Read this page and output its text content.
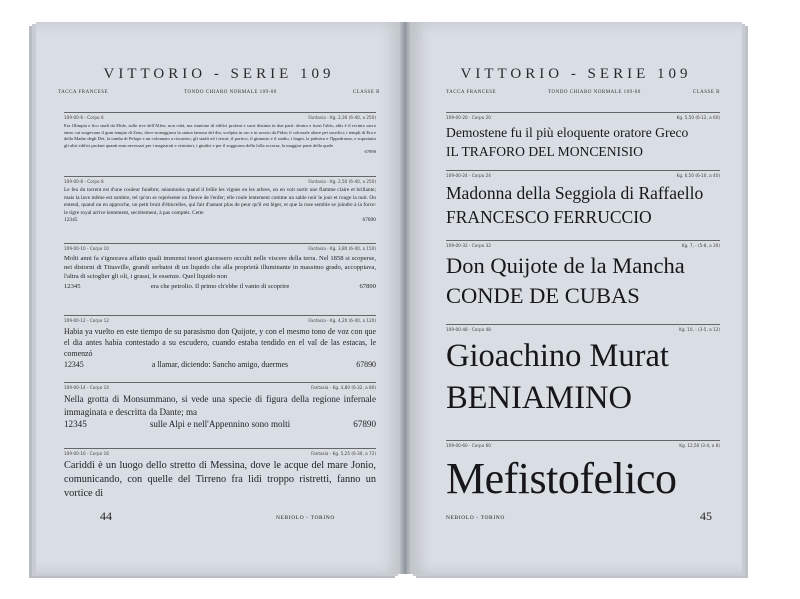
VITTORIO - SERIE 109
TACCA FRANCESE	TONDO CHIARO NORMALE 109-00	CLASSE B
109-00-6 - Corpo 6	Fantasia - Kg. 2,30 (6-40, a 250)
Era Olimpia e lico studi da Elide, sulle rive dell'Alfeo; non città, ma riunione di edifici profani e sacri distinta in due parti: dentro e fuori l'altis; altis è il recinto sacro entro cui sorgevano il gran tempio di Zeus, dove troneggiava la statua famosa del dio, scolpita in oro e in avorio da Fidia; il colossale altare pei sacrifici; i templi di Era e della Madre degli Dei, la tomba di Pelope e un colonnato a riscontro, gli stadii ed i tesori, il portico, il ginnasio e il stadio, i bagni, la palestra e l'Ippodromo, e sopratutto gli altri edifici profani quanti eran necessari per i magistrati e visitatori, i giudici e per il soggiorno della folla accorsa, la maggior parte della quale
67890
109-00-8 - Corpo 8	Fantasia - Kg. 2,50 (6-40, a 250)
Le feu du torrent est d'une couleur funèbre; néanmoins quand il brûle les vignes en les arbres, on en voit sortir une flamme claire et brillante; mais la lave même est sombre, tel qu'on se représente un fleuve de l'enfer; elle roule lentement comme un sable noir le jour et rouge la nuit. On entend, quand on en approche, un petit bruit d'étincelles, qui fait d'autant plus de peur qu'il est léger, et que la ruse semble se joindre à la force: le tigre royal arrive lentement, secrètement, à pas comptés. Cette
12345	67890
109-00-10 - Corpo 10	Fantasia - Kg. 3,80 (6-40, a 150)
Molti anni fa s'ignorava affatto quali immensi tesori giacessero occulti nelle viscere della terra. Nel 1858 si scoperse, nei distorni di Titusville, grandi serbatoi di un liquido che alla proprietà illuminante in massimo grado, accoppiava, l'altra di scioglier gli oli, i grassi, le essenze. Quel liquido non
12345	era che petrolio. Il primo ch'ebbe il vanto di scoprire	67890
109-00-12 - Corpo 12	Fantasia - Kg. 4,20 (6-40, a 120)
Habia ya vuelto en este tiempo de su parasismo don Quijote, y con el mesmo tono de voz con que el dia antes había contestado a su escudero, cuando estaba tendido en el val de las estacas, le comenzó
12345	a llamar, diciendo: Sancho amigo, duermes	67890
109-00-14 - Corpo 14	Fantasia - Kg. 4,80 (6-32, a 80)
Nella grotta di Monsummano, si vede una specie di figura della regione infernale immaginata e descritta da Dante; ma
12345	sulle Alpi e nell'Appennino sono molti	67890
109-00-16 - Corpo 16	Fantasia - Kg. 5,25 (6-30, a 72)
Cariddi è un luogo dello stretto di Messina, dove le acque del mare Jonio, comunicando, con quelle del Tirreno fra lidi troppo ristretti, fanno un vortice di
44	NEBIOLO - TORINO
VITTORIO - SERIE 109
TACCA FRANCESE	TONDO CHIARO NORMALE 109-00	CLASSE B
109-00-20 - Corpo 20	Kg. 5,50 (6-12, a 60)
Demostene fu il più eloquente oratore Greco
IL TRAFORO DEL MONCENISIO
109-00-24 - Corpo 24	Kg. 6,50 (6-10, a 40)
Madonna della Seggiola di Raffaello
FRANCESCO FERRUCCIO
109-00-32 - Corpo 32	Kg. 7, - (5-8, a 30)
Don Quijote de la Mancha
CONDE DE CUBAS
109-00-48 - Corpo 48	Kg. 10, - (3-5, a 12)
Gioachino Murat
BENIAMINO
109-00-60 - Corpo 60	Kg. 12,50 (3-4, a 8)
Mefistofelico
NEBIOLO - TORINO	45
